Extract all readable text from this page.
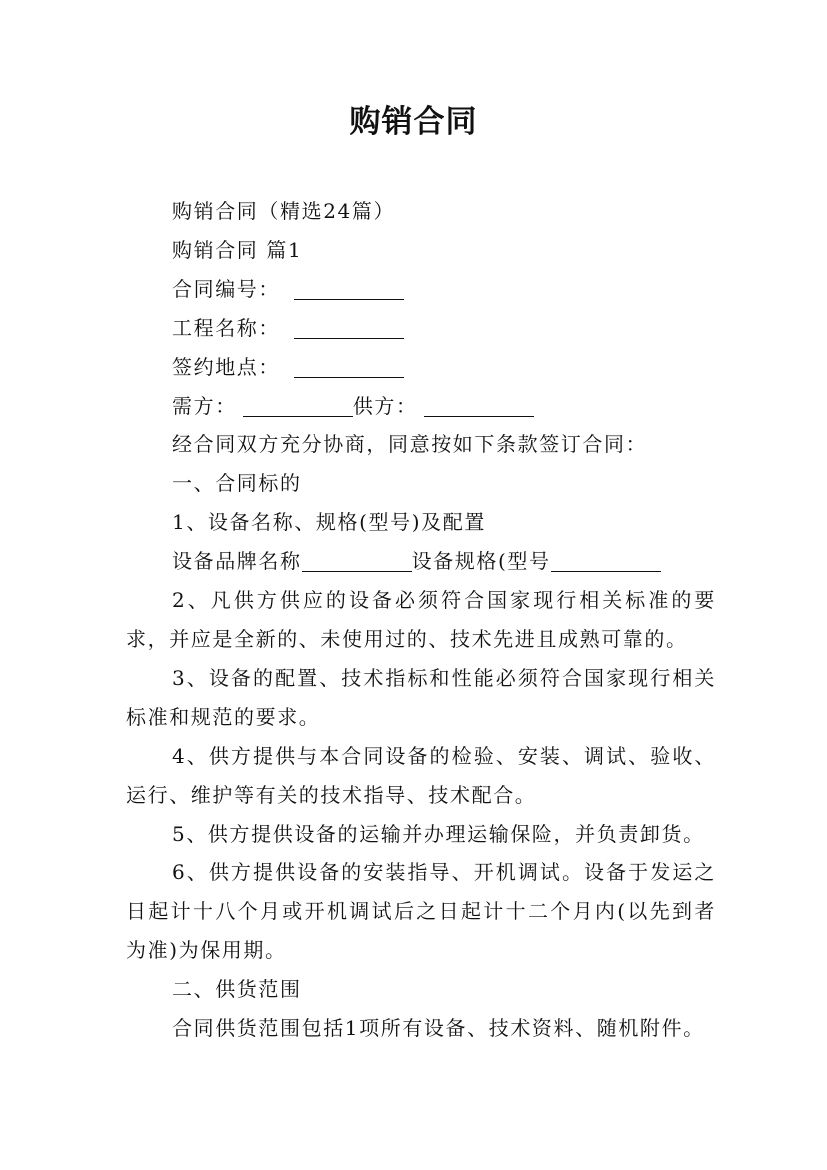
购销合同

购销合同（精选24篇）

购销合同 篇1

合同编号：

工程名称：

签约地点：

需方：	供方：

经合同双方充分协商，同意按如下条款签订合同：

一、合同标的

1、设备名称、规格(型号)及配置

设备品牌名称	设备规格(型号

2、凡供方供应的设备必须符合国家现行相关标准的要求，并应是全新的、未使用过的、技术先进且成熟可靠的。

3、设备的配置、技术指标和性能必须符合国家现行相关标准和规范的要求。

4、供方提供与本合同设备的检验、安装、调试、验收、运行、维护等有关的技术指导、技术配合。

5、供方提供设备的运输并办理运输保险，并负责卸货。

6、供方提供设备的安装指导、开机调试。设备于发运之日起计十八个月或开机调试后之日起计十二个月内(以先到者为准)为保用期。

二、供货范围

合同供货范围包括1项所有设备、技术资料、随机附件。
